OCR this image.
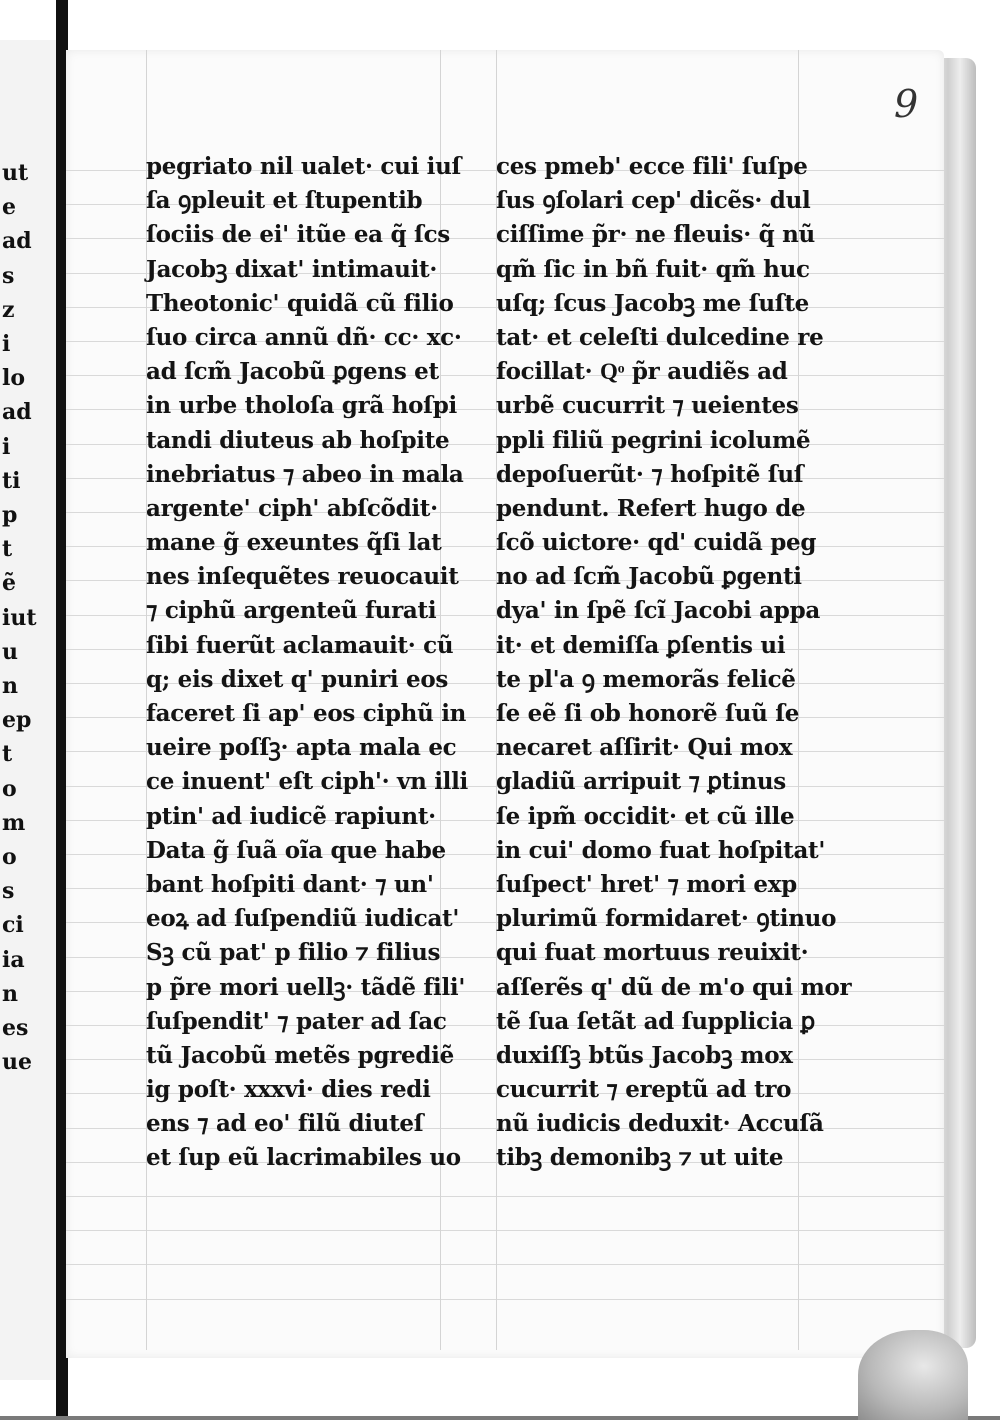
ut
e
ad
s
z
i
lo
ad
i
ti
p
t
ẽ
iut
u
n
ep
t
o
m
o
s
ci
ia
n
es
ue
9
pegriato nil ualet· cui iuſ
ſa ꝯpleuit et ſtupentib
ſociis de ei' itũe ea q̃ ſcs
Jacobꝫ dixat' intimauit·
Theotonic' quidã cũ filio
ſuo circa annũ dñ· cc· xc·
ad ſcm̃ Jacobũ ꝑgens et
in urbe tholoſa grã hoſpi
tandi diuteus ab hoſpite
inebriatus ⁊ abeo in mala
argente' ciph' abſcõdit·
mane g̃ exeuntes q̃ſi lat
nes inſequẽtes reuocauit
⁊ ciphũ argenteũ furati
ſibi fuerũt aclamauit· cũ
q; eis dixet q' puniri eos
faceret ſi ap' eos ciphũ in
ueire poſſꝫ· apta mala ec
ce inuent' eſt ciph'· vn illi
ptin' ad iudicẽ rapiunt·
Data g̃ ſuã oĩa que habe
bant hoſpiti dant· ⁊ un'
eoꝝ ad ſuſpendiũ iudicat'
Sꝫ cũ pat' p filio ⁊ filius
p p̃re mori uellꝫ· tãdẽ fili'
ſuſpendit' ⁊ pater ad ſac
tũ Jacobũ metẽs pgrediẽ
ig poſt· xxxvi· dies redi
ens ⁊ ad eo' filũ diuteſ
et ſup eũ lacrimabiles uo
ces pmeb' ecce fili' ſuſpe
ſus ꝯſolari cep' dicẽs· dul
ciſſime p̃r· ne fleuis· q̃ nũ
qm̃ ſic in bñ fuit· qm̃ huc
uſq; ſcus Jacobꝫ me ſuſte
tat· et celeſti dulcedine re
focillat· Qͦ p̃r audiẽs ad
urbẽ cucurrit ⁊ ueientes
ppli filiũ pegrini icolumẽ
depoſuerũt· ⁊ hoſpitẽ ſuſ
pendunt. Refert hugo de
ſcõ uictore· qd' cuidã peg
no ad ſcm̃ Jacobũ ꝑgenti
dya' in ſpẽ ſcĩ Jacobi appa
it· et demiſſa ꝑſentis ui
te pl'a ꝯ memorãs felicẽ
ſe eẽ ſi ob honorẽ ſuũ ſe
necaret aſſirit· Qui mox
gladiũ arripuit ⁊ ꝑtinus
ſe ipm̃ occidit· et cũ ille
in cui' domo fuat hoſpitat'
ſuſpect' hret' ⁊ mori exp
plurimũ formidaret· ꝯtinuo
qui fuat mortuus reuixit·
aſſerẽs q' dũ de m'o qui mor
tẽ ſua ſetãt ad ſupplicia ꝑ
duxiſſꝫ btũs Jacobꝫ mox
cucurrit ⁊ ereptũ ad tro
nũ iudicis deduxit· Accuſã
tibꝫ demonibꝫ ⁊ ut uite
